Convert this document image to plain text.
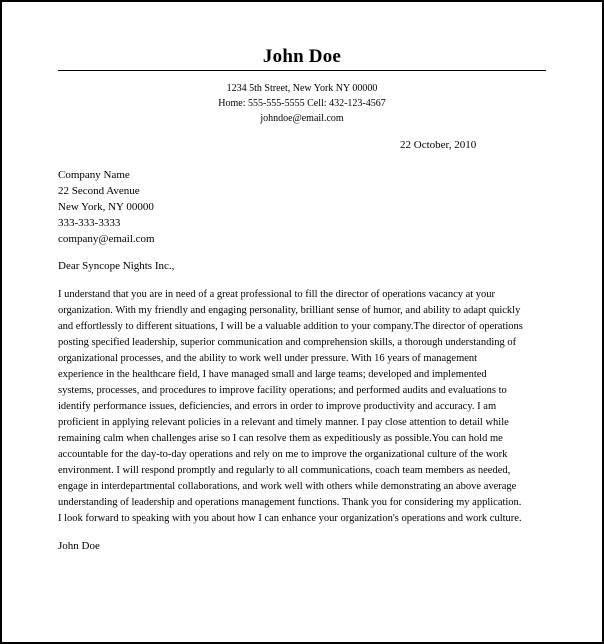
John Doe
1234 5th Street, New York NY 00000
Home: 555-555-5555 Cell: 432-123-4567
johndoe@email.com
22 October, 2010
Company Name
22 Second Avenue
New York, NY 00000
333-333-3333
company@email.com
Dear Syncope Nights Inc.,
I understand that you are in need of a great professional to fill the director of operations vacancy at your
organization. With my friendly and engaging personality, brilliant sense of humor, and ability to adapt quickly
and effortlessly to different situations, I will be a valuable addition to your company.The director of operations
posting specified leadership, superior communication and comprehension skills, a thorough understanding of
organizational processes, and the ability to work well under pressure. With 16 years of management
experience in the healthcare field, I have managed small and large teams; developed and implemented
systems, processes, and procedures to improve facility operations; and performed audits and evaluations to
identify performance issues, deficiencies, and errors in order to improve productivity and accuracy. I am
proficient in applying relevant policies in a relevant and timely manner. I pay close attention to detail while
remaining calm when challenges arise so I can resolve them as expeditiously as possible.You can hold me
accountable for the day-to-day operations and rely on me to improve the organizational culture of the work
environment. I will respond promptly and regularly to all communications, coach team members as needed,
engage in interdepartmental collaborations, and work well with others while demonstrating an above average
understanding of leadership and operations management functions. Thank you for considering my application.
I look forward to speaking with you about how I can enhance your organization's operations and work culture.
John Doe
